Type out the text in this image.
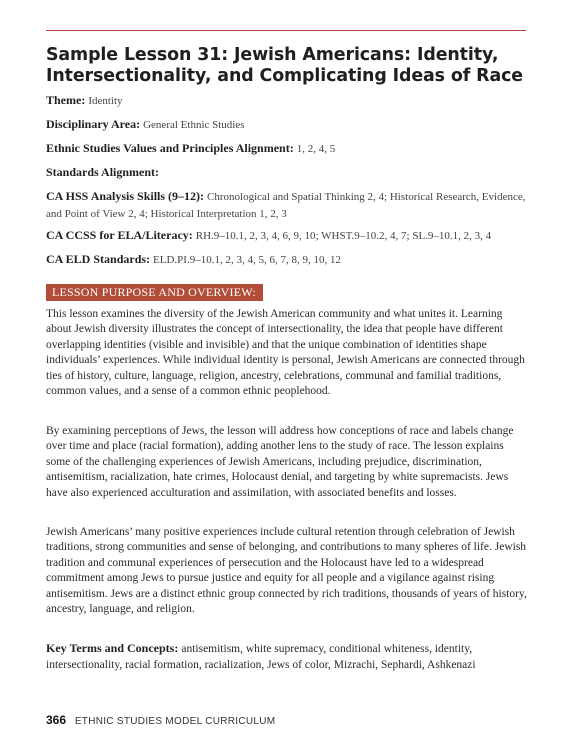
Sample Lesson 31: Jewish Americans: Identity, Intersectionality, and Complicating Ideas of Race
Theme: Identity
Disciplinary Area: General Ethnic Studies
Ethnic Studies Values and Principles Alignment: 1, 2, 4, 5
Standards Alignment:
CA HSS Analysis Skills (9–12): Chronological and Spatial Thinking 2, 4; Historical Research, Evidence, and Point of View 2, 4; Historical Interpretation 1, 2, 3
CA CCSS for ELA/Literacy: RH.9–10.1, 2, 3, 4, 6, 9, 10; WHST.9–10.2, 4, 7; SL.9–10.1, 2, 3, 4
CA ELD Standards: ELD.PI.9–10.1, 2, 3, 4, 5, 6, 7, 8, 9, 10, 12
LESSON PURPOSE AND OVERVIEW:
This lesson examines the diversity of the Jewish American community and what unites it. Learning about Jewish diversity illustrates the concept of intersectionality, the idea that people have different overlapping identities (visible and invisible) and that the unique combination of identities shape individuals’ experiences. While individual identity is personal, Jewish Americans are connected through ties of history, culture, language, religion, ancestry, celebrations, communal and familial traditions, common values, and a sense of a common ethnic peoplehood.
By examining perceptions of Jews, the lesson will address how conceptions of race and labels change over time and place (racial formation), adding another lens to the study of race. The lesson explains some of the challenging experiences of Jewish Americans, including prejudice, discrimination, antisemitism, racialization, hate crimes, Holocaust denial, and targeting by white supremacists. Jews have also experienced acculturation and assimilation, with associated benefits and losses.
Jewish Americans’ many positive experiences include cultural retention through celebration of Jewish traditions, strong communities and sense of belonging, and contributions to many spheres of life. Jewish tradition and communal experiences of persecution and the Holocaust have led to a widespread commitment among Jews to pursue justice and equity for all people and a vigilance against rising antisemitism. Jews are a distinct ethnic group connected by rich traditions, thousands of years of history, ancestry, language, and religion.
Key Terms and Concepts: antisemitism, white supremacy, conditional whiteness, identity, intersectionality, racial formation, racialization, Jews of color, Mizrachi, Sephardi, Ashkenazi
366 ETHNIC STUDIES MODEL CURRICULUM
